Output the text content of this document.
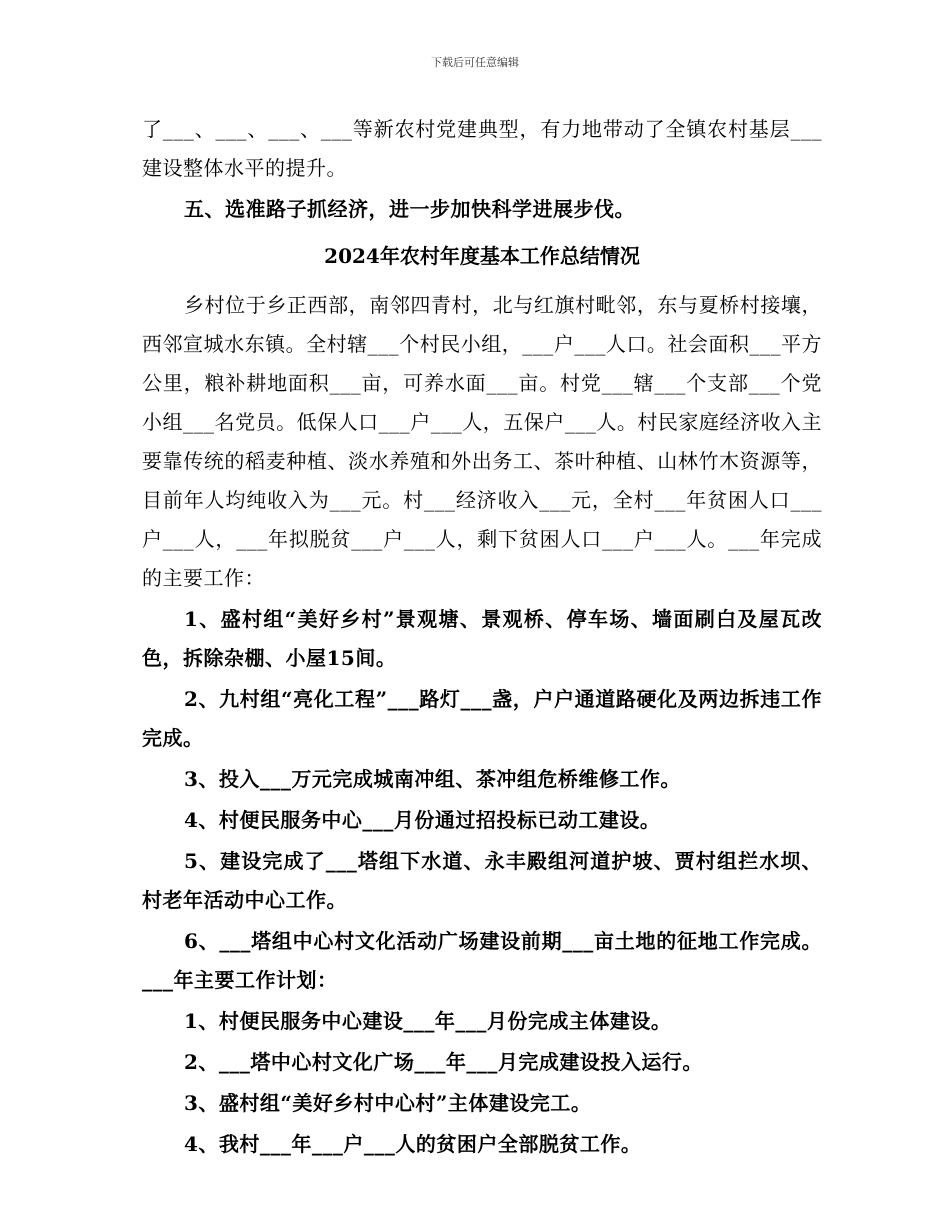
下载后可任意编辑

了___、___、___、___等新农村党建典型，有力地带动了全镇农村基层___建设整体水平的提升。

五、选准路子抓经济，进一步加快科学进展步伐。

2024年农村年度基本工作总结情况

乡村位于乡正西部，南邻四青村，北与红旗村毗邻，东与夏桥村接壤，西邻宣城水东镇。全村辖___个村民小组，___户___人口。社会面积___平方公里，粮补耕地面积___亩，可养水面___亩。村党___辖___个支部___个党小组___名党员。低保人口___户___人，五保户___人。村民家庭经济收入主要靠传统的稻麦种植、淡水养殖和外出务工、茶叶种植、山林竹木资源等，目前年人均纯收入为___元。村___经济收入___元，全村___年贫困人口___户___人，___年拟脱贫___户___人，剩下贫困人口___户___人。___年完成的主要工作：

1、盛村组“美好乡村”景观塘、景观桥、停车场、墙面刷白及屋瓦改色，拆除杂棚、小屋15间。

2、九村组“亮化工程”___路灯___盏，户户通道路硬化及两边拆违工作完成。

3、投入___万元完成城南冲组、茶冲组危桥维修工作。

4、村便民服务中心___月份通过招投标已动工建设。

5、建设完成了___塔组下水道、永丰殿组河道护坡、贾村组拦水坝、村老年活动中心工作。

6、___塔组中心村文化活动广场建设前期___亩土地的征地工作完成。___年主要工作计划：

1、村便民服务中心建设___年___月份完成主体建设。

2、___塔中心村文化广场___年___月完成建设投入运行。

3、盛村组“美好乡村中心村”主体建设完工。

4、我村___年___户___人的贫困户全部脱贫工作。
